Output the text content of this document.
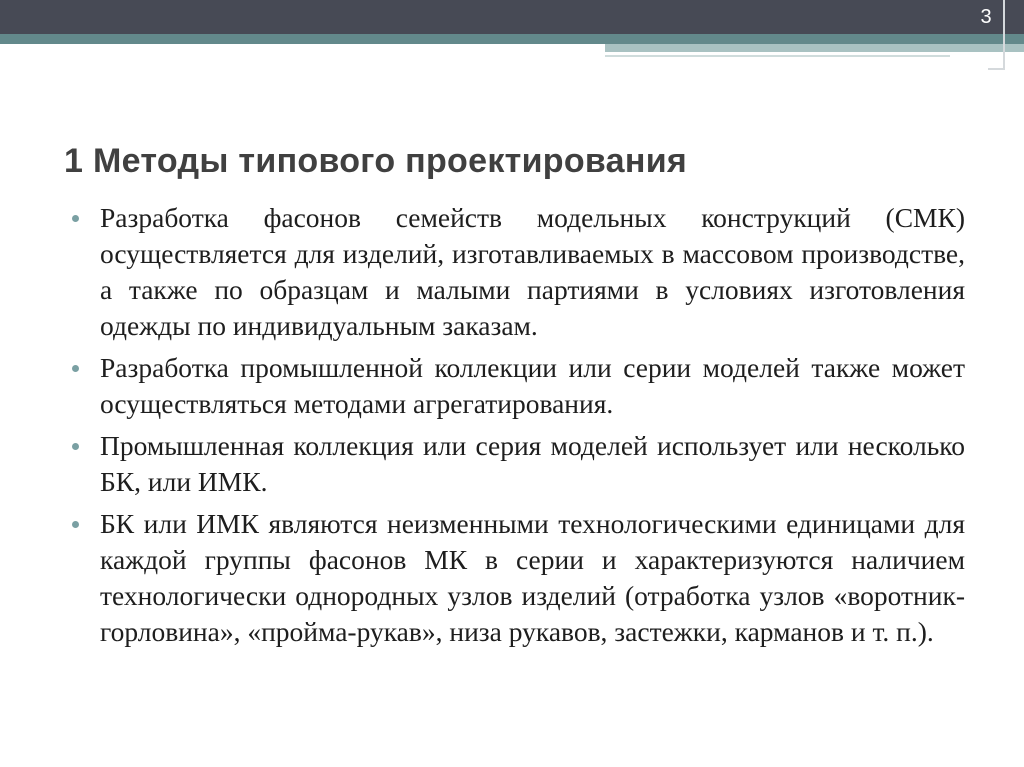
3
1 Методы типового проектирования
Разработка фасонов семейств модельных конструкций (СМК) осуществляется для изделий, изготавливаемых в массовом производстве, а также по образцам и малыми партиями в условиях изготовления одежды по индивидуальным заказам.
Разработка промышленной коллекции или серии моделей также может осуществляться методами агрегатирования.
Промышленная коллекция или серия моделей использует или несколько БК, или ИМК.
БК или ИМК являются неизменными технологическими единицами для каждой группы фасонов МК в серии и характеризуются наличием технологически однородных узлов изделий (отработка узлов «воротник-горловина», «пройма-рукав», низа рукавов, застежки, карманов и т. п.).
